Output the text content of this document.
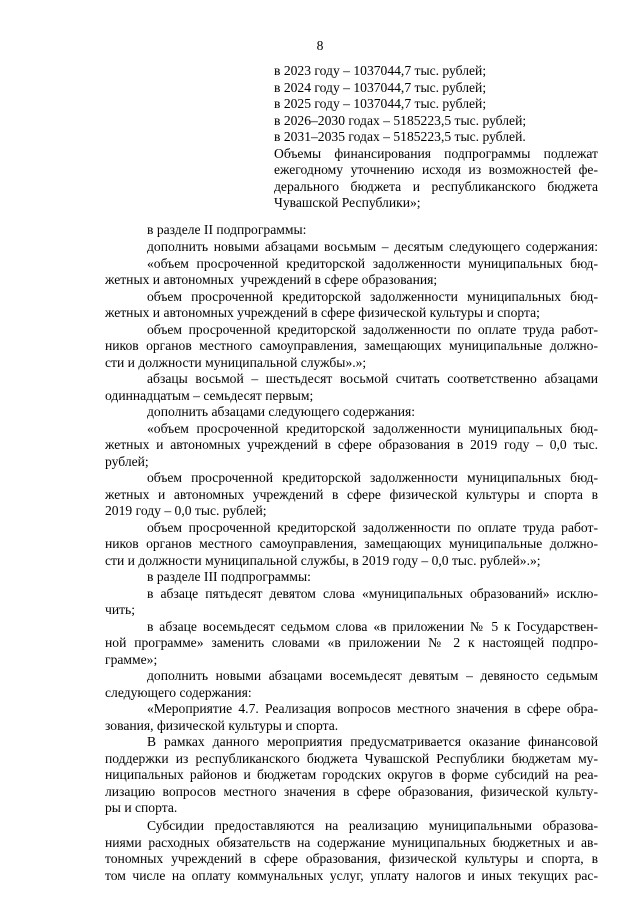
8
в 2023 году – 1037044,7 тыс. рублей;
в 2024 году – 1037044,7 тыс. рублей;
в 2025 году – 1037044,7 тыс. рублей;
в 2026–2030 годах – 5185223,5 тыс. рублей;
в 2031–2035 годах – 5185223,5 тыс. рублей.
Объемы финансирования подпрограммы подлежат
ежегодному уточнению исходя из возможностей фе-
дерального бюджета и республиканского бюджета
Чувашской Республики»;
в разделе II подпрограммы:
дополнить новыми абзацами восьмым – десятым следующего содержания:
«объем просроченной кредиторской задолженности муниципальных бюд-
жетных и автономных  учреждений в сфере образования;
объем просроченной кредиторской задолженности муниципальных бюд-
жетных и автономных учреждений в сфере физической культуры и спорта;
объем просроченной кредиторской задолженности по оплате труда работ-
ников органов местного самоуправления, замещающих муниципальные должно-
сти и должности муниципальной службы».»;
абзацы восьмой – шестьдесят восьмой считать соответственно абзацами
одиннадцатым – семьдесят первым;
дополнить абзацами следующего содержания:
«объем просроченной кредиторской задолженности муниципальных бюд-
жетных и автономных учреждений в сфере образования в 2019 году – 0,0 тыс.
рублей;
объем просроченной кредиторской задолженности муниципальных бюд-
жетных и автономных учреждений в сфере физической культуры и спорта в
2019 году – 0,0 тыс. рублей;
объем просроченной кредиторской задолженности по оплате труда работ-
ников органов местного самоуправления, замещающих муниципальные должно-
сти и должности муниципальной службы, в 2019 году – 0,0 тыс. рублей».»;
в разделе III подпрограммы:
в абзаце пятьдесят девятом слова «муниципальных образований» исклю-
чить;
в абзаце восемьдесят седьмом слова «в приложении № 5 к Государствен-
ной программе» заменить словами «в приложении № 2 к настоящей подпро-
грамме»;
дополнить новыми абзацами восемьдесят девятым – девяносто седьмым
следующего содержания:
«Мероприятие 4.7. Реализация вопросов местного значения в сфере обра-
зования, физической культуры и спорта.
В рамках данного мероприятия предусматривается оказание финансовой
поддержки из республиканского бюджета Чувашской Республики бюджетам му-
ниципальных районов и бюджетам городских округов в форме субсидий на реа-
лизацию вопросов местного значения в сфере образования, физической культу-
ры и спорта.
Субсидии предоставляются на реализацию муниципальными образова-
ниями расходных обязательств на содержание муниципальных бюджетных и ав-
тономных учреждений в сфере образования, физической культуры и спорта, в
том числе на оплату коммунальных услуг, уплату налогов и иных текущих рас-
